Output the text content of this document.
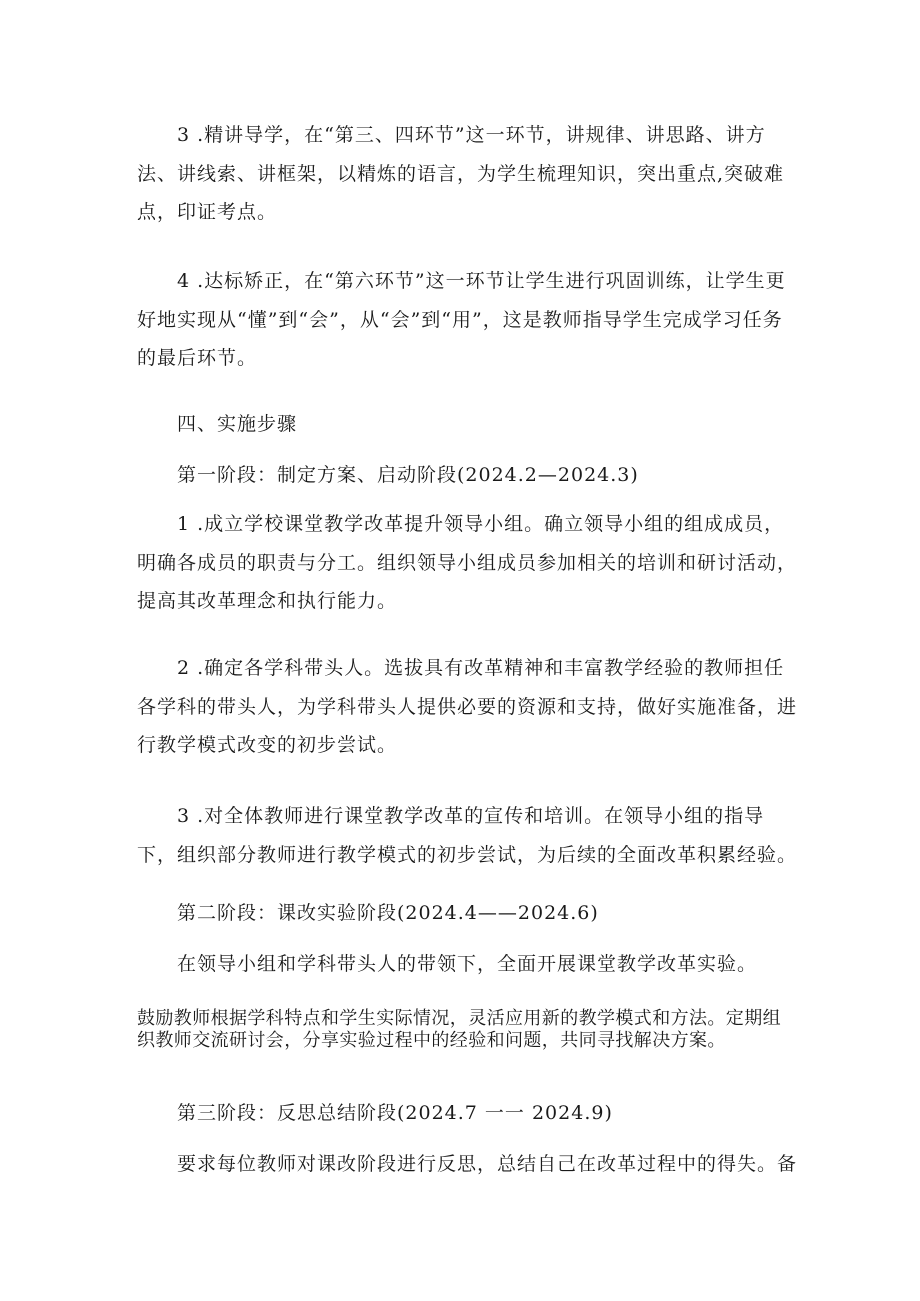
3 .精讲导学，在“第三、四环节”这一环节，讲规律、讲思路、讲方法、讲线索、讲框架，以精炼的语言，为学生梳理知识，突出重点,突破难点，印证考点。

4 .达标矫正，在“第六环节”这一环节让学生进行巩固训练，让学生更好地实现从“懂”到“会”，从“会”到“用”，这是教师指导学生完成学习任务的最后环节。

四、实施步骤

第一阶段：制定方案、启动阶段(2024.2—2024.3)

1 .成立学校课堂教学改革提升领导小组。确立领导小组的组成成员，明确各成员的职责与分工。组织领导小组成员参加相关的培训和研讨活动，提高其改革理念和执行能力。

2 .确定各学科带头人。选拔具有改革精神和丰富教学经验的教师担任各学科的带头人，为学科带头人提供必要的资源和支持，做好实施准备，进行教学模式改变的初步尝试。

3 .对全体教师进行课堂教学改革的宣传和培训。在领导小组的指导下，组织部分教师进行教学模式的初步尝试，为后续的全面改革积累经验。

第二阶段：课改实验阶段(2024.4——2024.6)

在领导小组和学科带头人的带领下，全面开展课堂教学改革实验。

鼓励教师根据学科特点和学生实际情况，灵活应用新的教学模式和方法。定期组织教师交流研讨会，分享实验过程中的经验和问题，共同寻找解决方案。

第三阶段：反思总结阶段(2024.7 一一 2024.9)

要求每位教师对课改阶段进行反思，总结自己在改革过程中的得失。备
